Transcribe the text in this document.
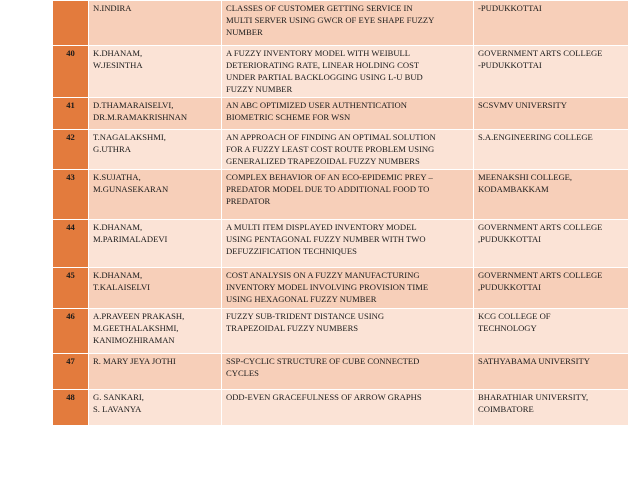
	N.INDIRA	CLASSES OF CUSTOMER GETTING SERVICE IN
MULTI SERVER USING GWCR OF EYE SHAPE FUZZY
NUMBER	-PUDUKKOTTAI

40	K.DHANAM,
W.JESINTHA	A FUZZY INVENTORY MODEL WITH WEIBULL
DETERIORATING RATE, LINEAR HOLDING COST
UNDER PARTIAL BACKLOGGING USING L-U BUD
FUZZY NUMBER	GOVERNMENT ARTS COLLEGE
-PUDUKKOTTAI

41	D.THAMARAISELVI,
DR.M.RAMAKRISHNAN	AN ABC OPTIMIZED USER AUTHENTICATION
BIOMETRIC SCHEME FOR WSN	SCSVMV UNIVERSITY

42	T.NAGALAKSHMI,
G.UTHRA	AN APPROACH OF FINDING AN OPTIMAL SOLUTION
FOR A FUZZY LEAST COST ROUTE PROBLEM USING
GENERALIZED TRAPEZOIDAL FUZZY NUMBERS	S.A.ENGINEERING COLLEGE

43	K.SUJATHA,
M.GUNASEKARAN	COMPLEX BEHAVIOR OF AN ECO-EPIDEMIC PREY –
PREDATOR MODEL DUE TO ADDITIONAL FOOD TO
PREDATOR	MEENAKSHI COLLEGE,
KODAMBAKKAM

44	K.DHANAM,
M.PARIMALADEVI	A MULTI ITEM DISPLAYED INVENTORY MODEL
USING PENTAGONAL FUZZY NUMBER WITH TWO
DEFUZZIFICATION TECHNIQUES	GOVERNMENT ARTS COLLEGE
,PUDUKKOTTAI

45	K.DHANAM,
T.KALAISELVI	COST ANALYSIS ON A FUZZY MANUFACTURING
INVENTORY MODEL INVOLVING PROVISION TIME
USING HEXAGONAL FUZZY NUMBER	GOVERNMENT ARTS COLLEGE
,PUDUKKOTTAI

46	A.PRAVEEN PRAKASH,
M.GEETHALAKSHMI,
KANIMOZHIRAMAN	FUZZY SUB-TRIDENT DISTANCE USING
TRAPEZOIDAL FUZZY NUMBERS	KCG COLLEGE OF
TECHNOLOGY

47	R. MARY JEYA JOTHI	SSP-CYCLIC STRUCTURE OF CUBE CONNECTED
CYCLES	SATHYABAMA UNIVERSITY

48	G. SANKARI,
S. LAVANYA	ODD-EVEN GRACEFULNESS OF ARROW GRAPHS	BHARATHIAR UNIVERSITY,
COIMBATORE
